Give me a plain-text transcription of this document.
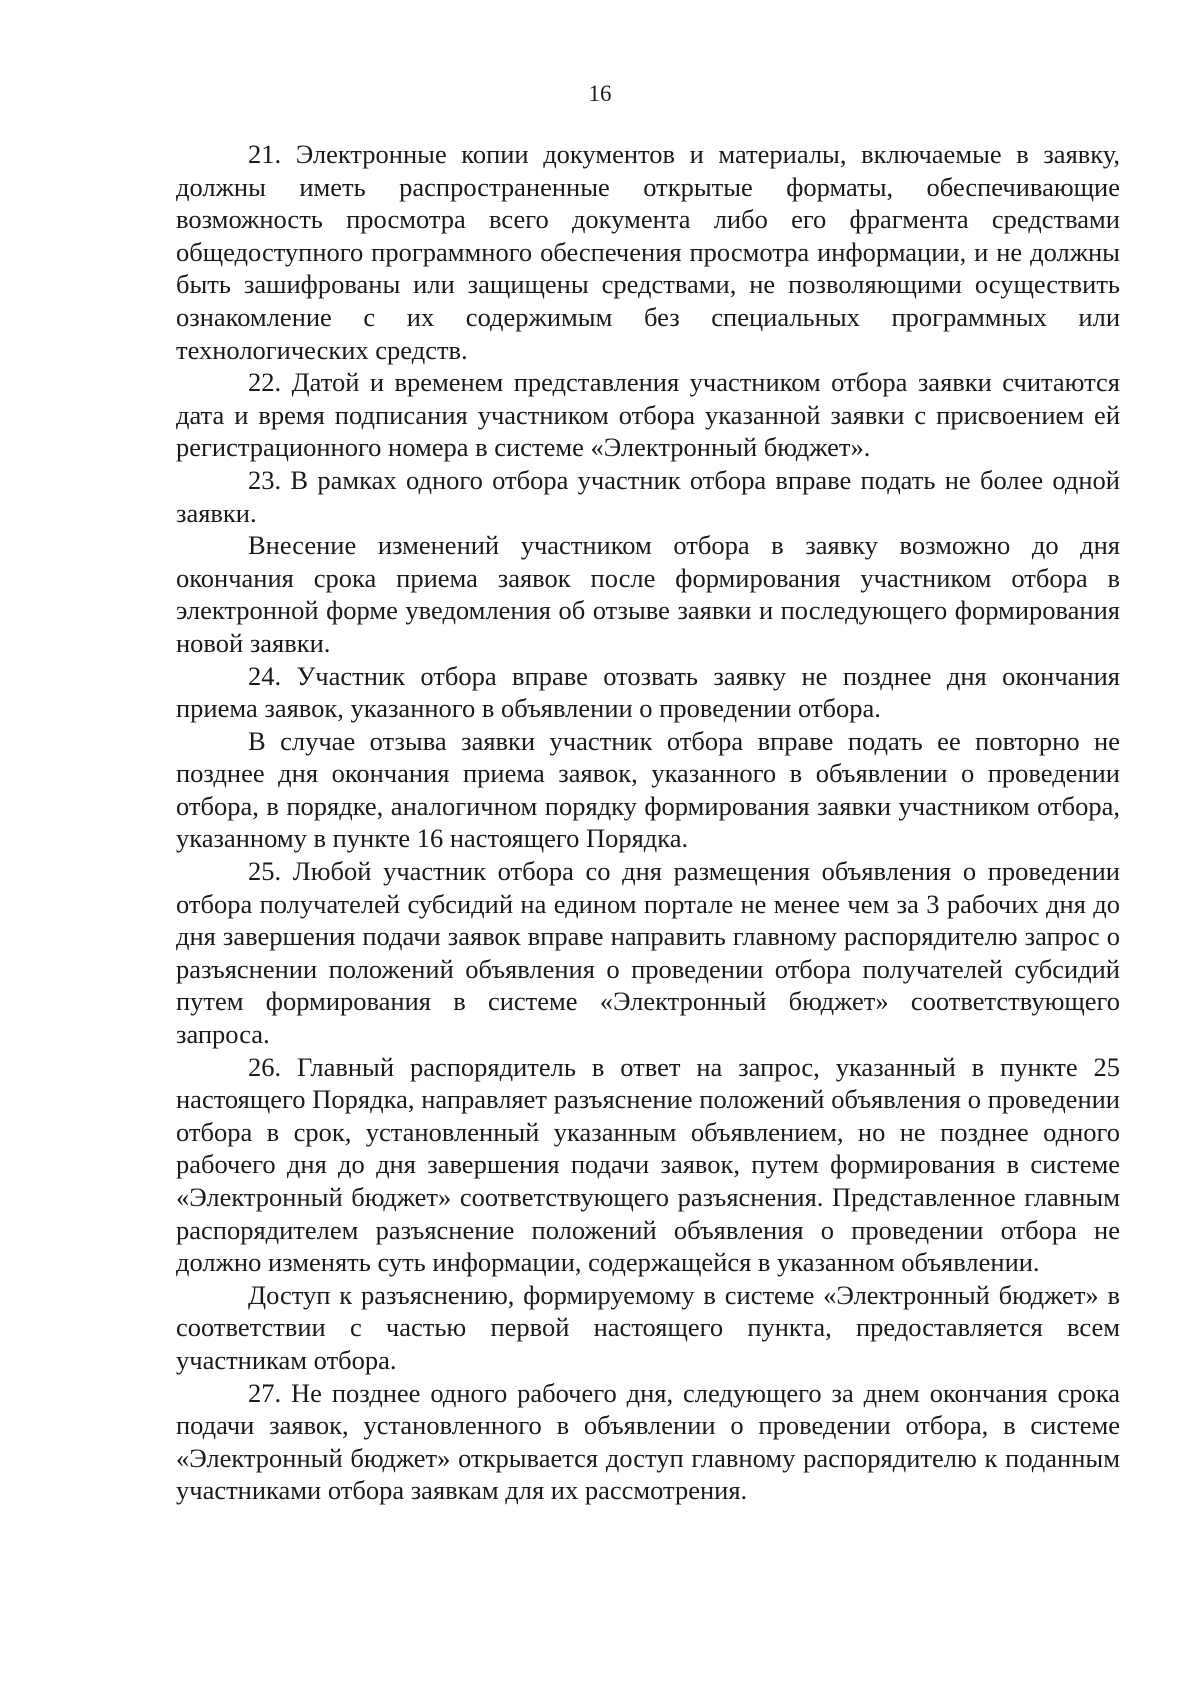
16

21. Электронные копии документов и материалы, включаемые в заявку, должны иметь распространенные открытые форматы, обеспечивающие возможность просмотра всего документа либо его фрагмента средствами общедоступного программного обеспечения просмотра информации, и не должны быть зашифрованы или защищены средствами, не позволяющими осуществить ознакомление с их содержимым без специальных программных или технологических средств.

22. Датой и временем представления участником отбора заявки считаются дата и время подписания участником отбора указанной заявки с присвоением ей регистрационного номера в системе «Электронный бюджет».

23. В рамках одного отбора участник отбора вправе подать не более одной заявки.

Внесение изменений участником отбора в заявку возможно до дня окончания срока приема заявок после формирования участником отбора в электронной форме уведомления об отзыве заявки и последующего формирования новой заявки.

24. Участник отбора вправе отозвать заявку не позднее дня окончания приема заявок, указанного в объявлении о проведении отбора.

В случае отзыва заявки участник отбора вправе подать ее повторно не позднее дня окончания приема заявок, указанного в объявлении о проведении отбора, в порядке, аналогичном порядку формирования заявки участником отбора, указанному в пункте 16 настоящего Порядка.

25. Любой участник отбора со дня размещения объявления о проведении отбора получателей субсидий на едином портале не менее чем за 3 рабочих дня до дня завершения подачи заявок вправе направить главному распорядителю запрос о разъяснении положений объявления о проведении отбора получателей субсидий путем формирования в системе «Электронный бюджет» соответствующего запроса.

26. Главный распорядитель в ответ на запрос, указанный в пункте 25 настоящего Порядка, направляет разъяснение положений объявления о проведении отбора в срок, установленный указанным объявлением, но не позднее одного рабочего дня до дня завершения подачи заявок, путем формирования в системе «Электронный бюджет» соответствующего разъяснения. Представленное главным распорядителем разъяснение положений объявления о проведении отбора не должно изменять суть информации, содержащейся в указанном объявлении.

Доступ к разъяснению, формируемому в системе «Электронный бюджет» в соответствии с частью первой настоящего пункта, предоставляется всем участникам отбора.

27. Не позднее одного рабочего дня, следующего за днем окончания срока подачи заявок, установленного в объявлении о проведении отбора, в системе «Электронный бюджет» открывается доступ главному распорядителю к поданным участниками отбора заявкам для их рассмотрения.
